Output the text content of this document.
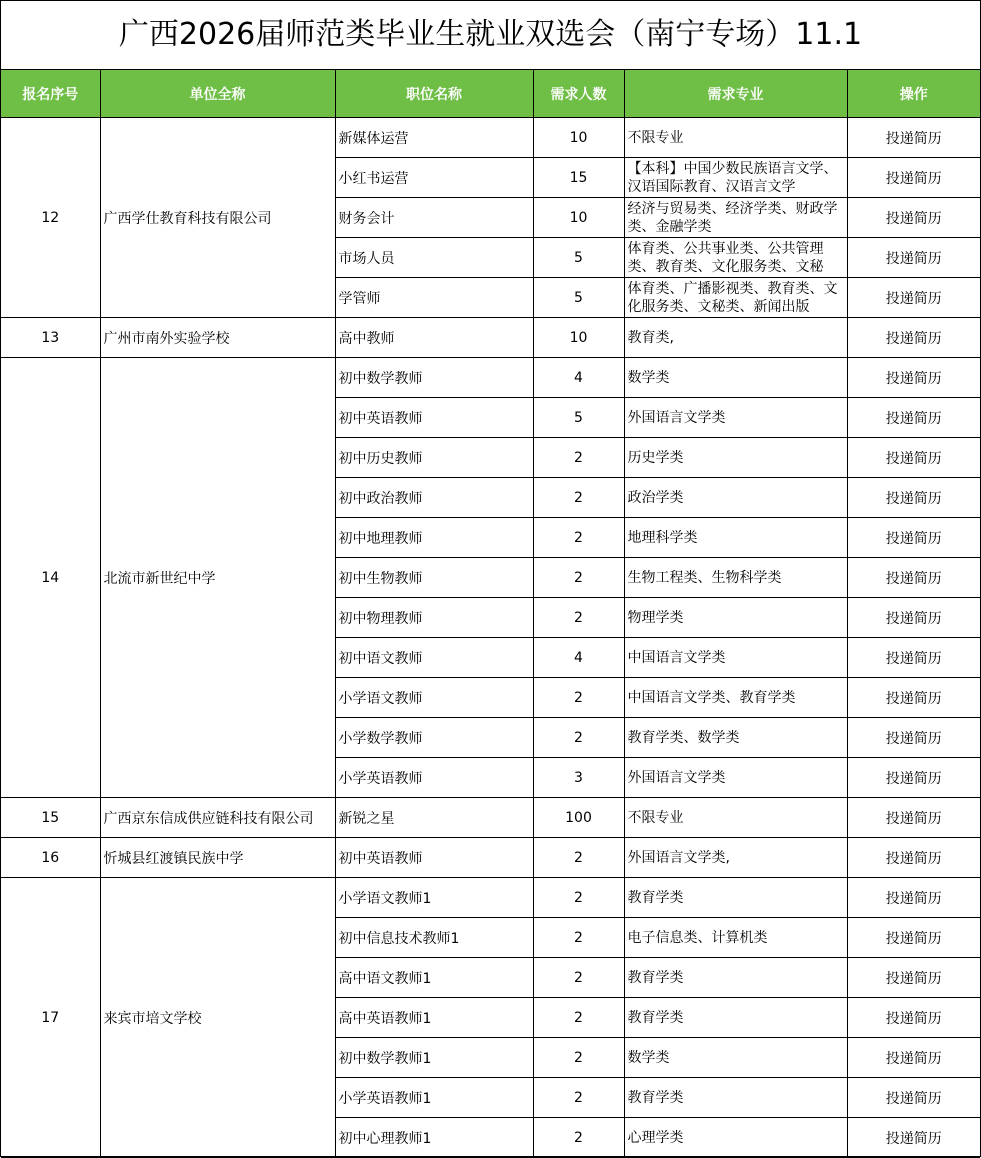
广西2026届师范类毕业生就业双选会（南宁专场）11.1
报名序号	单位全称	职位名称	需求人数	需求专业	操作
12	广西学仕教育科技有限公司	新媒体运营	10	不限专业	投递简历
		小红书运营	15	【本科】中国少数民族语言文学、汉语国际教育、汉语言文学	投递简历
		财务会计	10	经济与贸易类、经济学类、财政学类、金融学类	投递简历
		市场人员	5	体育类、公共事业类、公共管理类、教育类、文化服务类、文秘	投递简历
		学管师	5	体育类、广播影视类、教育类、文化服务类、文秘类、新闻出版	投递简历
13	广州市南外实验学校	高中教师	10	教育类,	投递简历
14	北流市新世纪中学	初中数学教师	4	数学类	投递简历
		初中英语教师	5	外国语言文学类	投递简历
		初中历史教师	2	历史学类	投递简历
		初中政治教师	2	政治学类	投递简历
		初中地理教师	2	地理科学类	投递简历
		初中生物教师	2	生物工程类、生物科学类	投递简历
		初中物理教师	2	物理学类	投递简历
		初中语文教师	4	中国语言文学类	投递简历
		小学语文教师	2	中国语言文学类、教育学类	投递简历
		小学数学教师	2	教育学类、数学类	投递简历
		小学英语教师	3	外国语言文学类	投递简历
15	广西京东信成供应链科技有限公司	新锐之星	100	不限专业	投递简历
16	忻城县红渡镇民族中学	初中英语教师	2	外国语言文学类,	投递简历
17	来宾市培文学校	小学语文教师1	2	教育学类	投递简历
		初中信息技术教师1	2	电子信息类、计算机类	投递简历
		高中语文教师1	2	教育学类	投递简历
		高中英语教师1	2	教育学类	投递简历
		初中数学教师1	2	数学类	投递简历
		小学英语教师1	2	教育学类	投递简历
		初中心理教师1	2	心理学类	投递简历
